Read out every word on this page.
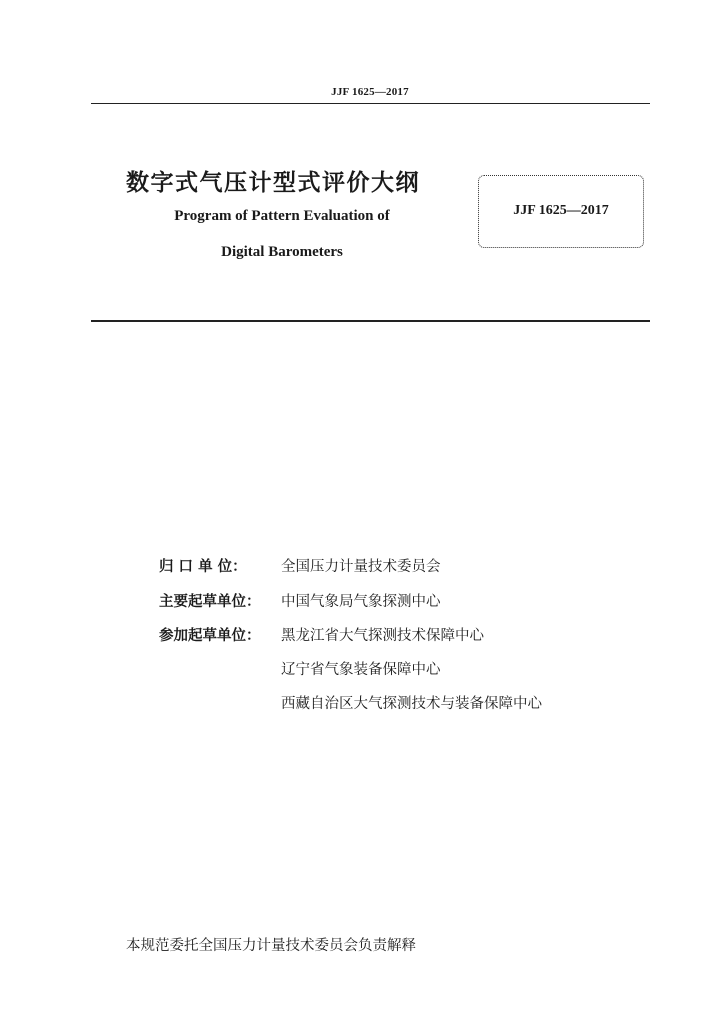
JJF 1625—2017
数字式气压计型式评价大纲
Program of Pattern Evaluation of
Digital Barometers
JJF 1625—2017
归 口 单 位：	全国压力计量技术委员会
主要起草单位：	中国气象局气象探测中心
参加起草单位：	黑龙江省大气探测技术保障中心
辽宁省气象装备保障中心
西藏自治区大气探测技术与装备保障中心
本规范委托全国压力计量技术委员会负责解释
